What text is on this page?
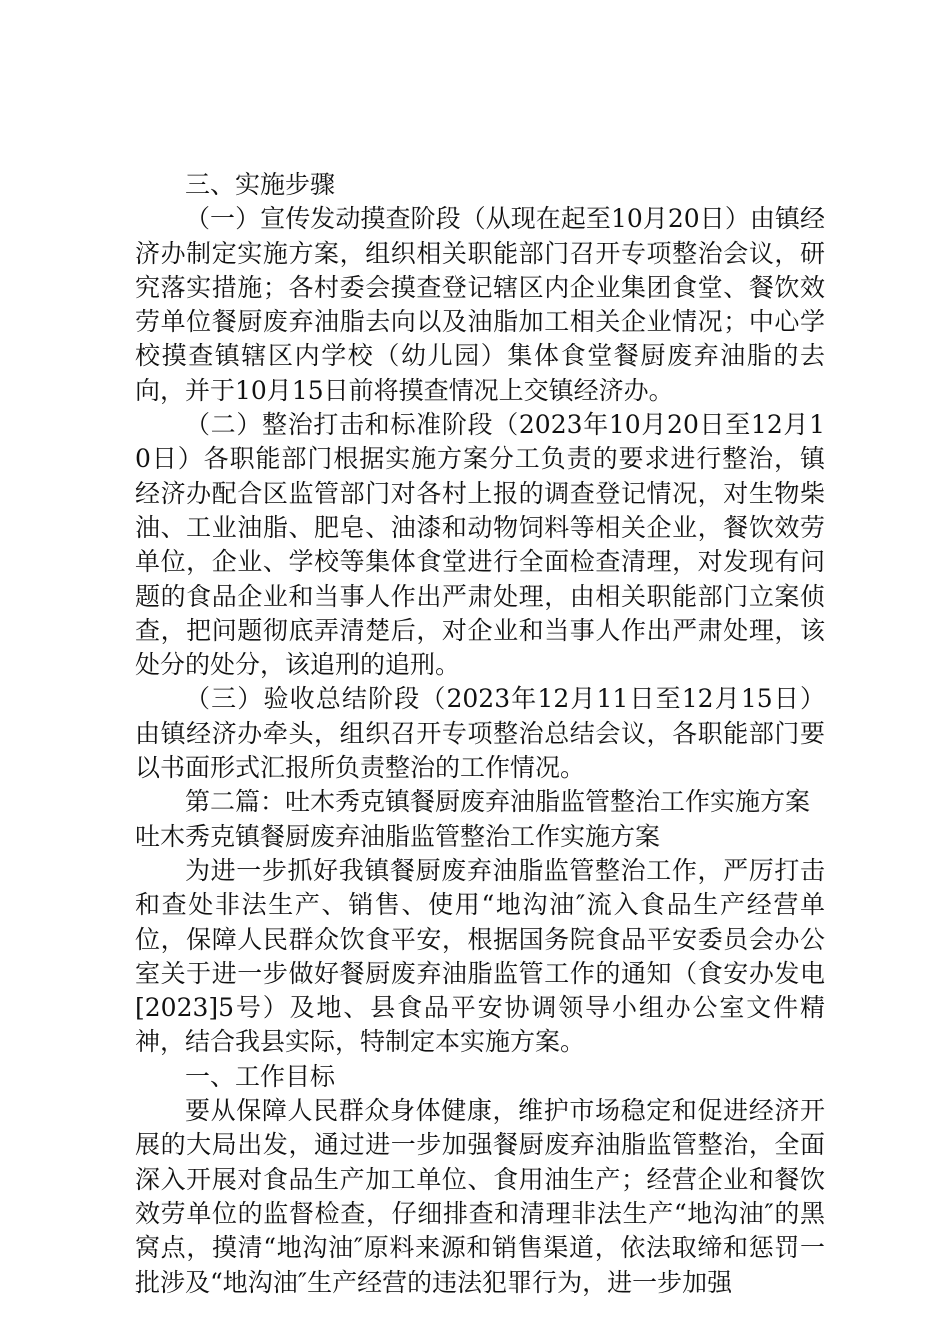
三、实施步骤

（一）宣传发动摸查阶段（从现在起至10月20日）由镇经济办制定实施方案，组织相关职能部门召开专项整治会议，研究落实措施；各村委会摸查登记辖区内企业集团食堂、餐饮效劳单位餐厨废弃油脂去向以及油脂加工相关企业情况；中心学校摸查镇辖区内学校（幼儿园）集体食堂餐厨废弃油脂的去向，并于10月15日前将摸查情况上交镇经济办。

（二）整治打击和标准阶段（2023年10月20日至12月10日）各职能部门根据实施方案分工负责的要求进行整治，镇经济办配合区监管部门对各村上报的调查登记情况，对生物柴油、工业油脂、肥皂、油漆和动物饲料等相关企业，餐饮效劳单位，企业、学校等集体食堂进行全面检查清理，对发现有问题的食品企业和当事人作出严肃处理，由相关职能部门立案侦查，把问题彻底弄清楚后，对企业和当事人作出严肃处理，该处分的处分，该追刑的追刑。

（三）验收总结阶段（2023年12月11日至12月15日）由镇经济办牵头，组织召开专项整治总结会议，各职能部门要以书面形式汇报所负责整治的工作情况。

第二篇：吐木秀克镇餐厨废弃油脂监管整治工作实施方案

吐木秀克镇餐厨废弃油脂监管整治工作实施方案

为进一步抓好我镇餐厨废弃油脂监管整治工作，严厉打击和查处非法生产、销售、使用“地沟油″流入食品生产经营单位，保障人民群众饮食平安，根据国务院食品平安委员会办公室关于进一步做好餐厨废弃油脂监管工作的通知（食安办发电[2023]5号）及地、县食品平安协调领导小组办公室文件精神，结合我县实际，特制定本实施方案。

一、工作目标

要从保障人民群众身体健康，维护市场稳定和促进经济开展的大局出发，通过进一步加强餐厨废弃油脂监管整治，全面深入开展对食品生产加工单位、食用油生产；经营企业和餐饮效劳单位的监督检查，仔细排查和清理非法生产“地沟油″的黑窝点，摸清“地沟油″原料来源和销售渠道，依法取缔和惩罚一批涉及“地沟油″生产经营的违法犯罪行为，进一步加强
